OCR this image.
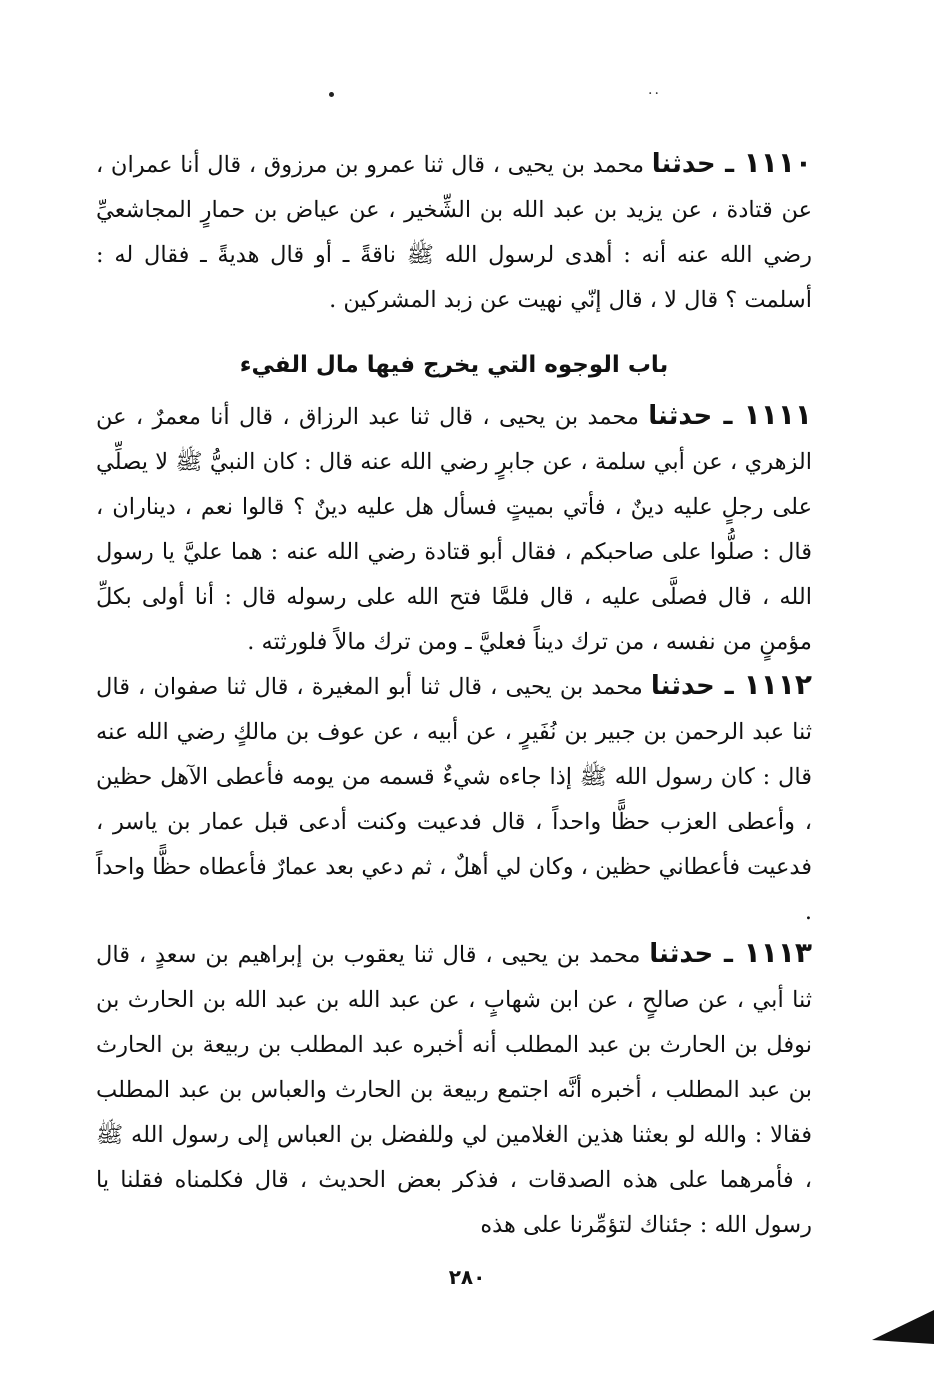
..
١١١٠ ـ حدثنا محمد بن يحيى ، قال ثنا عمرو بن مرزوق ، قال أنا عمران ، عن قتادة ، عن يزيد بن عبد الله بن الشِّخير ، عن عياض بن حمارٍ المجاشعيِّ رضي الله عنه أنه : أهدى لرسول الله ﷺ ناقةً ـ أو قال هديةً ـ فقال له : أسلمت ؟ قال لا ، قال إنّي نهيت عن زبد المشركين .
باب الوجوه التي يخرج فيها مال الفيء
١١١١ ـ حدثنا محمد بن يحيى ، قال ثنا عبد الرزاق ، قال أنا معمرٌ ، عن الزهري ، عن أبي سلمة ، عن جابرٍ رضي الله عنه قال : كان النبيُّ ﷺ لا يصلِّي على رجلٍ عليه دينٌ ، فأتي بميتٍ فسأل هل عليه دينٌ ؟ قالوا نعم ، ديناران ، قال : صلُّوا على صاحبكم ، فقال أبو قتادة رضي الله عنه : هما عليَّ يا رسول الله ، قال فصلَّى عليه ، قال فلمَّا فتح الله على رسوله قال : أنا أولى بكلِّ مؤمنٍ من نفسه ، من ترك ديناً فعليَّ ـ ومن ترك مالاً فلورثته .
١١١٢ ـ حدثنا محمد بن يحيى ، قال ثنا أبو المغيرة ، قال ثنا صفوان ، قال ثنا عبد الرحمن بن جبير بن نُفَيرٍ ، عن أبيه ، عن عوف بن مالكٍ رضي الله عنه قال : كان رسول الله ﷺ إذا جاءه شيءٌ قسمه من يومه فأعطى الآهل حظين ، وأعطى العزب حظًّا واحداً ، قال فدعيت وكنت أدعى قبل عمار بن ياسر ، فدعيت فأعطاني حظين ، وكان لي أهلٌ ، ثم دعي بعد عمارٌ فأعطاه حظًّا واحداً .
١١١٣ ـ حدثنا محمد بن يحيى ، قال ثنا يعقوب بن إبراهيم بن سعدٍ ، قال ثنا أبي ، عن صالحٍ ، عن ابن شهابٍ ، عن عبد الله بن عبد الله بن الحارث بن نوفل بن الحارث بن عبد المطلب أنه أخبره عبد المطلب بن ربيعة بن الحارث بن عبد المطلب ، أخبره أنَّه اجتمع ربيعة بن الحارث والعباس بن عبد المطلب فقالا : والله لو بعثنا هذين الغلامين لي وللفضل بن العباس إلى رسول الله ﷺ ، فأمرهما على هذه الصدقات ، فذكر بعض الحديث ، قال فكلمناه فقلنا يا رسول الله : جئناك لتؤمِّرنا على هذه
٢٨٠
